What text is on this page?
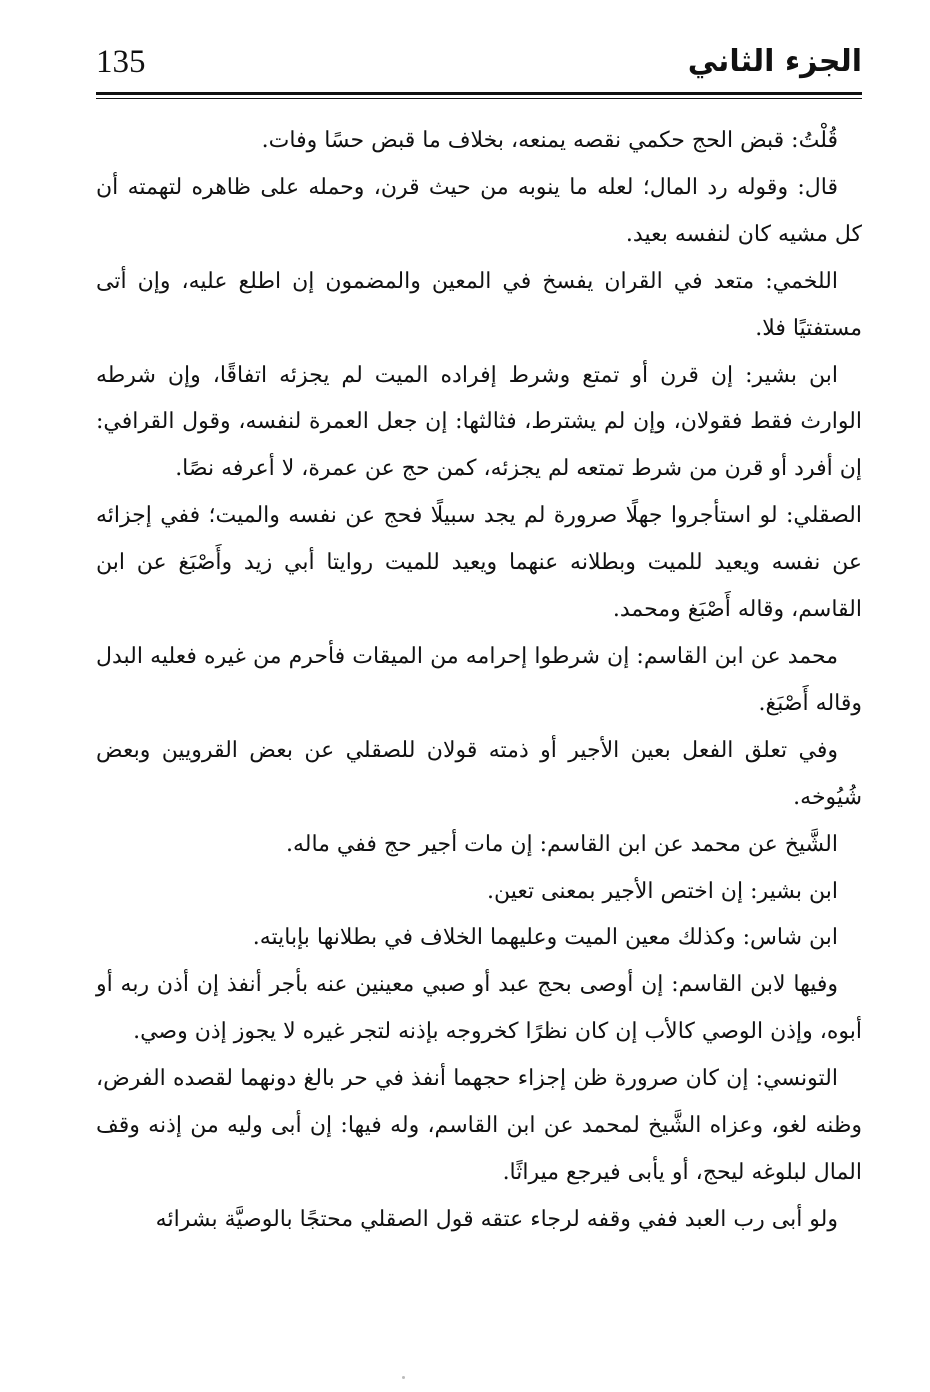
الجزء الثاني
135

قُلْتُ: قبض الحج حكمي نقصه يمنعه، بخلاف ما قبض حسًا وفات.

قال: وقوله رد المال؛ لعله ما ينوبه من حيث قرن، وحمله على ظاهره لتهمته أن كل مشيه كان لنفسه بعيد.

اللخمي: متعد في القران يفسخ في المعين والمضمون إن اطلع عليه، وإن أتى مستفتيًا فلا.

ابن بشير: إن قرن أو تمتع وشرط إفراده الميت لم يجزئه اتفاقًا، وإن شرطه الوارث فقط فقولان، وإن لم يشترط، فثالثها: إن جعل العمرة لنفسه، وقول القرافي: إن أفرد أو قرن من شرط تمتعه لم يجزئه، كمن حج عن عمرة، لا أعرفه نصًا.

الصقلي: لو استأجروا جهلًا صرورة لم يجد سبيلًا فحج عن نفسه والميت؛ ففي إجزائه عن نفسه ويعيد للميت وبطلانه عنهما ويعيد للميت روايتا أبي زيد وأَصْبَغ عن ابن القاسم، وقاله أَصْبَغ ومحمد.

محمد عن ابن القاسم: إن شرطوا إحرامه من الميقات فأحرم من غيره فعليه البدل وقاله أَصْبَغ.

وفي تعلق الفعل بعين الأجير أو ذمته قولان للصقلي عن بعض القرويين وبعض شُيُوخه.

الشَّيخ عن محمد عن ابن القاسم: إن مات أجير حج ففي ماله.

ابن بشير: إن اختص الأجير بمعنى تعين.

ابن شاس: وكذلك معين الميت وعليهما الخلاف في بطلانها بإبايته.

وفيها لابن القاسم: إن أوصى بحج عبد أو صبي معينين عنه بأجر أنفذ إن أذن ربه أو أبوه، وإذن الوصي كالأب إن كان نظرًا كخروجه بإذنه لتجر غيره لا يجوز إذن وصي.

التونسي: إن كان صرورة ظن إجزاء حجهما أنفذ في حر بالغ دونهما لقصده الفرض، وظنه لغو، وعزاه الشَّيخ لمحمد عن ابن القاسم، وله فيها: إن أبى وليه من إذنه وقف المال لبلوغه ليحج، أو يأبى فيرجع ميراثًا.

ولو أبى رب العبد ففي وقفه لرجاء عتقه قول الصقلي محتجًا بالوصيَّة بشرائه
